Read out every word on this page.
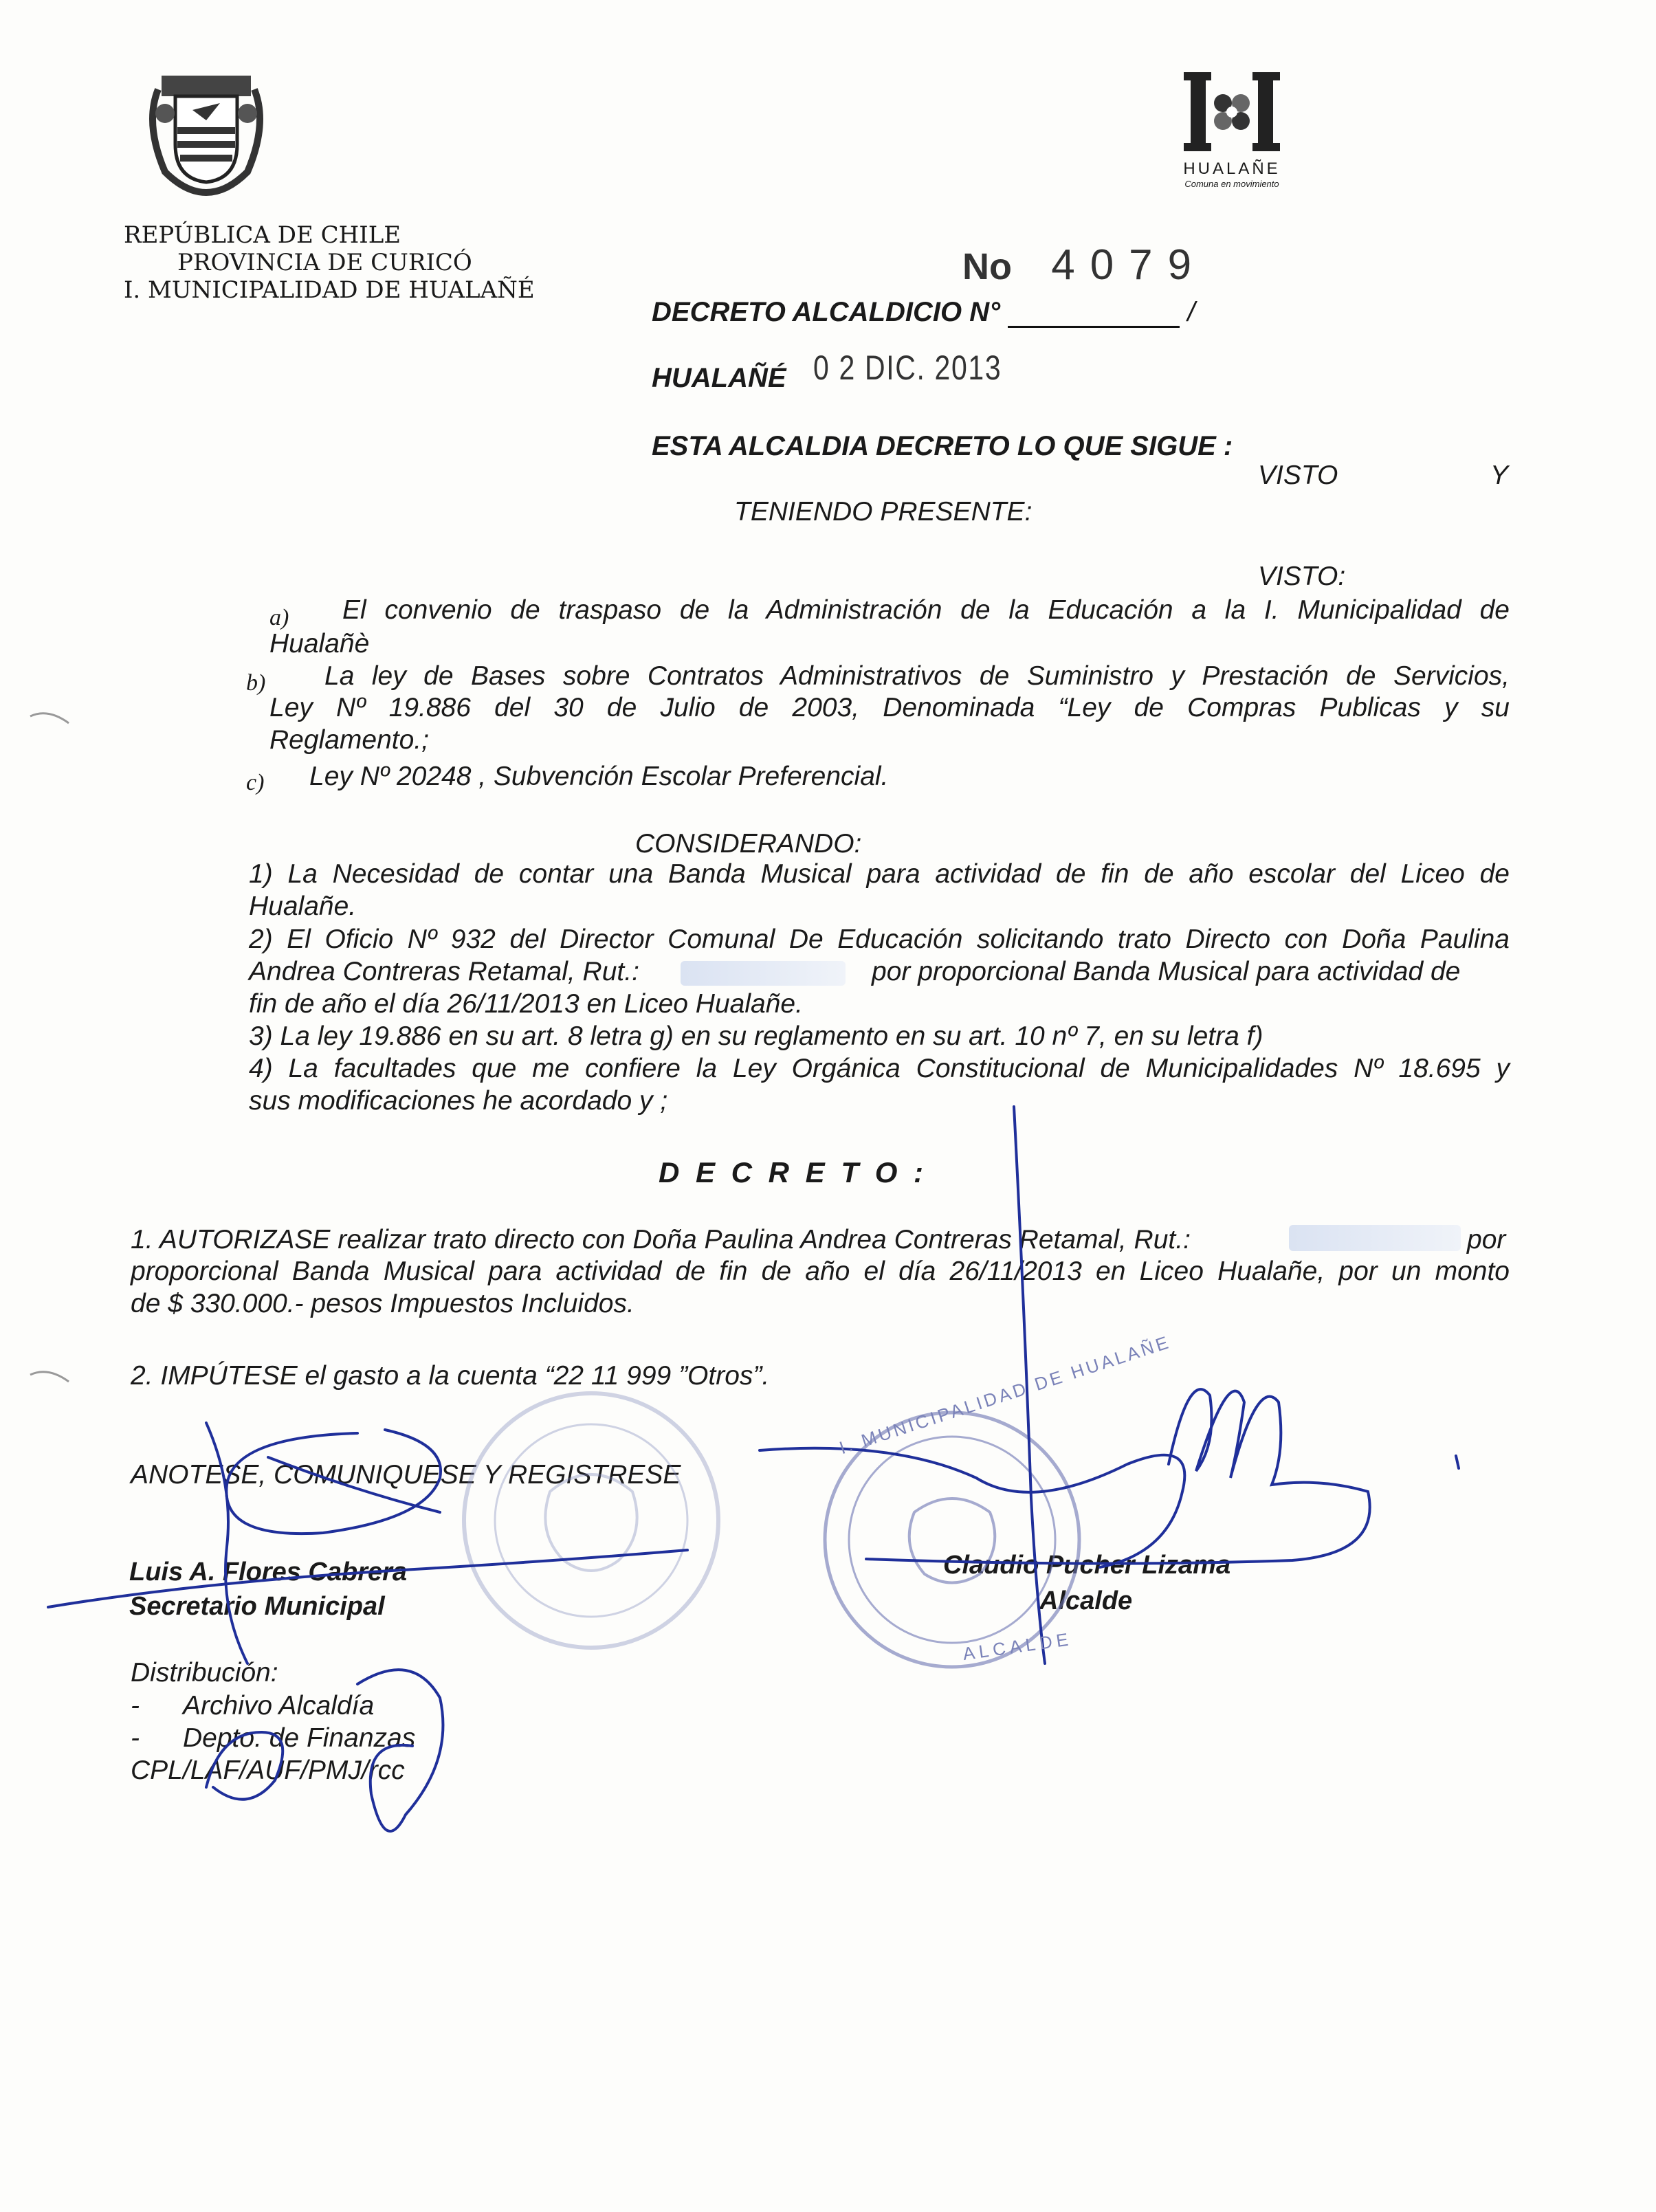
REPÚBLICA DE CHILE
PROVINCIA DE CURICÓ
I. MUNICIPALIDAD DE HUALAÑÉ
HUALAÑE
Comuna en movimiento
No 4079
DECRETO ALCALDICIO N°	/
HUALAÑÉ 0 2 DIC. 2013
ESTA ALCALDIA DECRETO LO QUE SIGUE :
VISTO	Y
TENIENDO PRESENTE:
VISTO:
a) El convenio de traspaso de la Administración de la Educación a la I. Municipalidad de
Hualañè
b) La ley de Bases sobre Contratos Administrativos de Suministro y Prestación de Servicios,
Ley Nº 19.886 del 30 de Julio de 2003, Denominada “Ley de Compras Publicas y su
Reglamento.;
c) Ley Nº 20248 , Subvención Escolar Preferencial.
CONSIDERANDO:
1) La Necesidad de contar una Banda Musical para actividad de fin de año escolar del Liceo de
Hualañe.
2) El Oficio Nº 932 del Director Comunal De Educación solicitando trato Directo con Doña Paulina
Andrea Contreras Retamal, Rut.:	por proporcional Banda Musical para actividad de
fin de año el día 26/11/2013 en Liceo Hualañe.
3) La ley 19.886 en su art. 8 letra g) en su reglamento en su art. 10 nº 7, en su letra f)
4) La facultades que me confiere la Ley Orgánica Constitucional de Municipalidades Nº 18.695 y
sus modificaciones he acordado y ;
D E C R E T O :
1. AUTORIZASE realizar trato directo con Doña Paulina Andrea Contreras Retamal, Rut.:	por
proporcional Banda Musical para actividad de fin de año el día 26/11/2013 en Liceo Hualañe, por un monto
de $ 330.000.- pesos Impuestos Incluidos.
2. IMPÚTESE el gasto a la cuenta “22 11 999 ”Otros”.
ANOTESE, COMUNIQUESE Y REGISTRESE
Luis A. Flores Cabrera
Secretario Municipal
Claudio Pucher Lizama
Alcalde
Distribución:
- Archivo Alcaldía
- Depto. de Finanzas
CPL/LAF/AUF/PMJ/rcc
I. MUNICIPALIDAD DE HUALAÑE
ALCALDE
